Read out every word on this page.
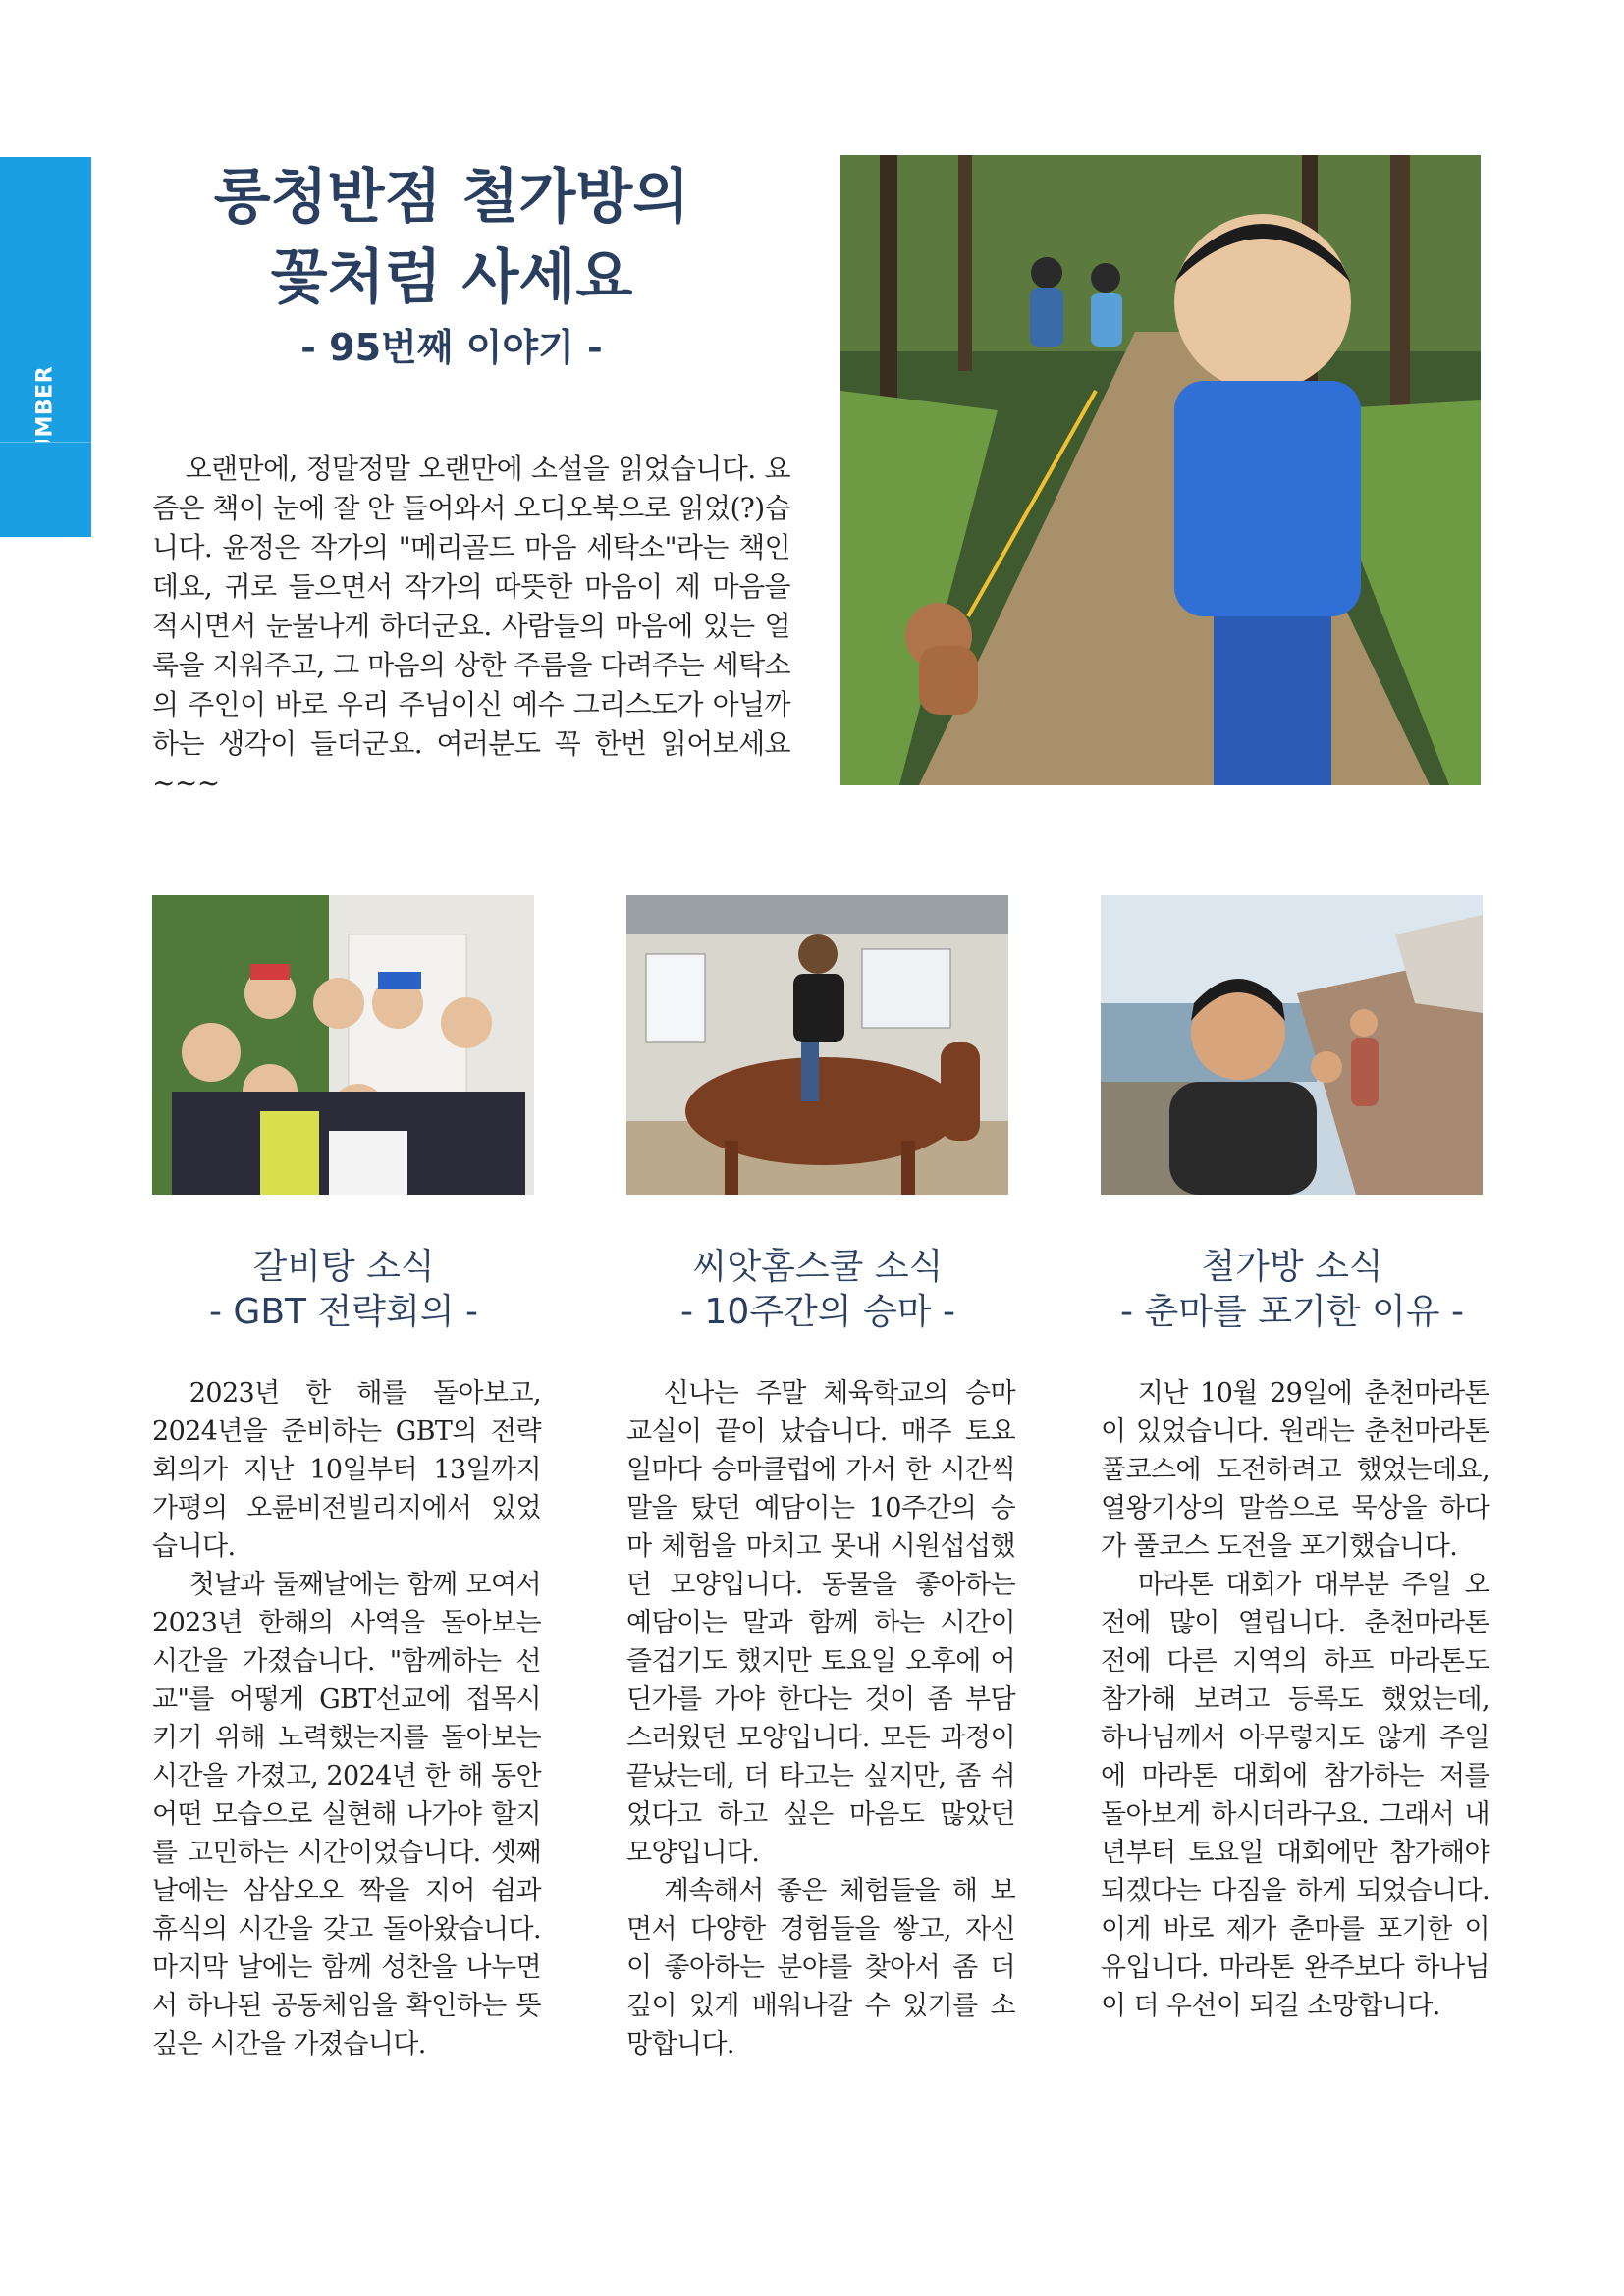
1
롱청반점 철가방의
꽃처럼 사세요
- 95번째 이야기 -

오랜만에, 정말정말 오랜만에 소설을 읽었습니다. 요즘은 책이 눈에 잘 안 들어와서 오디오북으로 읽었(?)습니다. 윤정은 작가의 "메리골드 마음 세탁소"라는 책인데요, 귀로 들으면서 작가의 따뜻한 마음이 제 마음을 적시면서 눈물나게 하더군요. 사람들의 마음에 있는 얼룩을 지워주고, 그 마음의 상한 주름을 다려주는 세탁소의 주인이 바로 우리 주님이신 예수 그리스도가 아닐까 하는 생각이 들더군요. 여러분도 꼭 한번 읽어보세요~~~

갈비탕 소식
- GBT 전략회의 -
씨앗홈스쿨 소식
- 10주간의 승마 -
철가방 소식
- 춘마를 포기한 이유 -

2023년 한 해를 돌아보고, 2024년을 준비하는 GBT의 전략회의가 지난 10일부터 13일까지 가평의 오륜비전빌리지에서 있었습니다.

첫날과 둘째날에는 함께 모여서 2023년 한해의 사역을 돌아보는 시간을 가졌습니다. "함께하는 선교"를 어떻게 GBT선교에 접목시키기 위해 노력했는지를 돌아보는 시간을 가졌고, 2024년 한 해 동안 어떤 모습으로 실현해 나가야 할지를 고민하는 시간이었습니다. 셋째날에는 삼삼오오 짝을 지어 쉼과 휴식의 시간을 갖고 돌아왔습니다. 마지막 날에는 함께 성찬을 나누면서 하나된 공동체임을 확인하는 뜻깊은 시간을 가졌습니다.

신나는 주말 체육학교의 승마 교실이 끝이 났습니다. 매주 토요일마다 승마클럽에 가서 한 시간씩 말을 탔던 예담이는 10주간의 승마 체험을 마치고 못내 시원섭섭했던 모양입니다. 동물을 좋아하는 예담이는 말과 함께 하는 시간이 즐겁기도 했지만 토요일 오후에 어딘가를 가야 한다는 것이 좀 부담스러웠던 모양입니다. 모든 과정이 끝났는데, 더 타고는 싶지만, 좀 쉬었다고 하고 싶은 마음도 많았던 모양입니다.

계속해서 좋은 체험들을 해 보면서 다양한 경험들을 쌓고, 자신이 좋아하는 분야를 찾아서 좀 더 깊이 있게 배워나갈 수 있기를 소망합니다.

지난 10월 29일에 춘천마라톤이 있었습니다. 원래는 춘천마라톤 풀코스에 도전하려고 했었는데요, 열왕기상의 말씀으로 묵상을 하다가 풀코스 도전을 포기했습니다.

마라톤 대회가 대부분 주일 오전에 많이 열립니다. 춘천마라톤 전에 다른 지역의 하프 마라톤도 참가해 보려고 등록도 했었는데, 하나님께서 아무렇지도 않게 주일에 마라톤 대회에 참가하는 저를 돌아보게 하시더라구요. 그래서 내년부터 토요일 대회에만 참가해야 되겠다는 다짐을 하게 되었습니다. 이게 바로 제가 춘마를 포기한 이유입니다. 마라톤 완주보다 하나님이 더 우선이 되길 소망합니다.
